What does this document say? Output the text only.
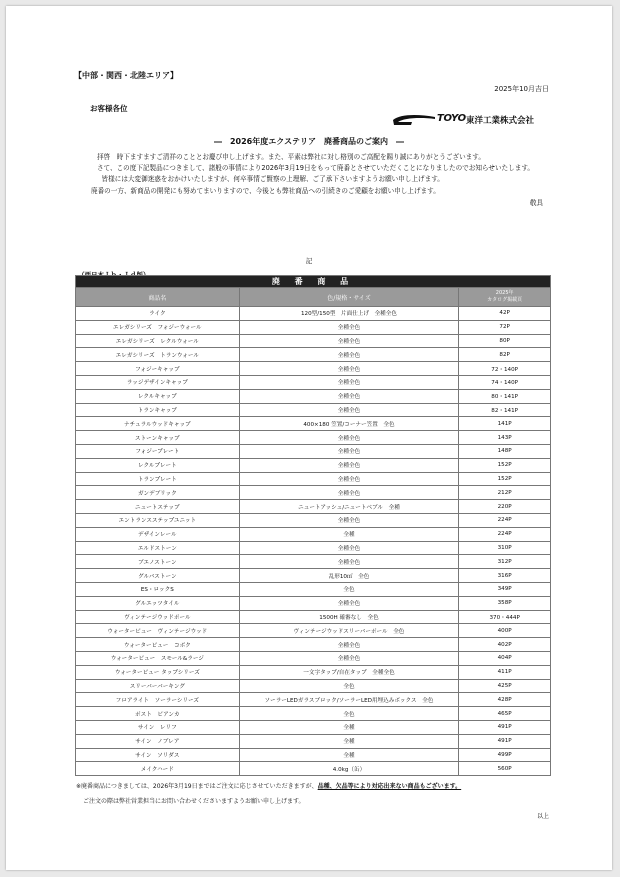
【中部・関西・北陸エリア】
2025年10月吉日
お客様各位
TOYO 東洋工業株式会社
―　2026年度エクステリア　廃番商品のご案内　―

拝啓　時下ますますご清祥のこととお慶び申し上げます。また、平素は弊社に対し格別のご高配を賜り誠にありがとうございます。

さて、この度下記製品につきまして、諸般の事情により2026年3月19日をもって廃番とさせていただくことになりましたのでお知らせいたします。

皆様には大変御迷惑をおかけいたしますが、何卒事情ご賢察の上理解、ご了承下さいますようお願い申し上げます。

廃番の一方、新商品の開発にも努めてまいりますので、今後とも弊社商品への引続きのご愛顧をお願い申し上げます。

敬具
記
廃 番 商 品		
商品名	色/規格・サイズ	2025年
カタログ掲載頁

ライク	120型/150型　片面仕上げ　全種全色	42P
エレガシリーズ　フォジーウォール	全種全色	72P
エレガシリーズ　レクルウォール	全種全色	80P
エレガシリーズ　トランウォール	全種全色	82P
フォジーキャップ	全種全色	72・140P
ラッジデザインキャップ	全種全色	74・140P
レクルキャップ	全種全色	80・141P
トランキャップ	全種全色	82・141P
ナチュラルウッドキャップ	400×180 笠置/コーナー笠置　全色	141P
ストーンキャップ	全種全色	143P
フォジープレート	全種全色	148P
レクルプレート	全種全色	152P
トランプレート	全種全色	152P
ガンデブリック	全種全色	212P
ニュートステップ	ニュートアッシュ/ニュートベブル　全種	220P
エントランスステップユニット	全種全色	224P
デザインレール	全種	224P
エルドストーン	全種全色	310P
ブエノストーン	全種全色	312P
グルバストーン	乱形10㎡　全色	316P
ES・ロックS	全色	349P
グルエッツタイル	全種全色	358P
ヴィンテージウッドポール	1500H 確審なし　全色	370・444P
ウォータービュー　ヴィンテージウッド	ヴィンテージウッドスリーバーポール　全色	400P
ウォータービュー　コボク	全種全色	402P
ウォータービュー　スモール&ラージ	全種全色	404P
ウォータービュー タップシリーズ	一文字タップ/自在タップ　全種全色	411P
スリーバーバーキング	全色	425P
フロアライト　ソーラーシリーズ	ソーラーLEDガラスブロック/ソーラーLED用埋込みボックス　全色	428P
ポスト　ビアンカ	全色	465P
サイン　レリフ	全種	491P
サイン　ノブレア	全種	491P
サイン　ソリダス	全種	499P
メイクハード	4.0kg（缶）	560P
※廃番商品につきましては、2026年3月19日まではご注文に応じさせていただきますが、品種、欠品等により対応出来ない商品もございます。
ご注文の際は弊社営業担当にお問い合わせくださいますようお願い申し上げます。
以上
